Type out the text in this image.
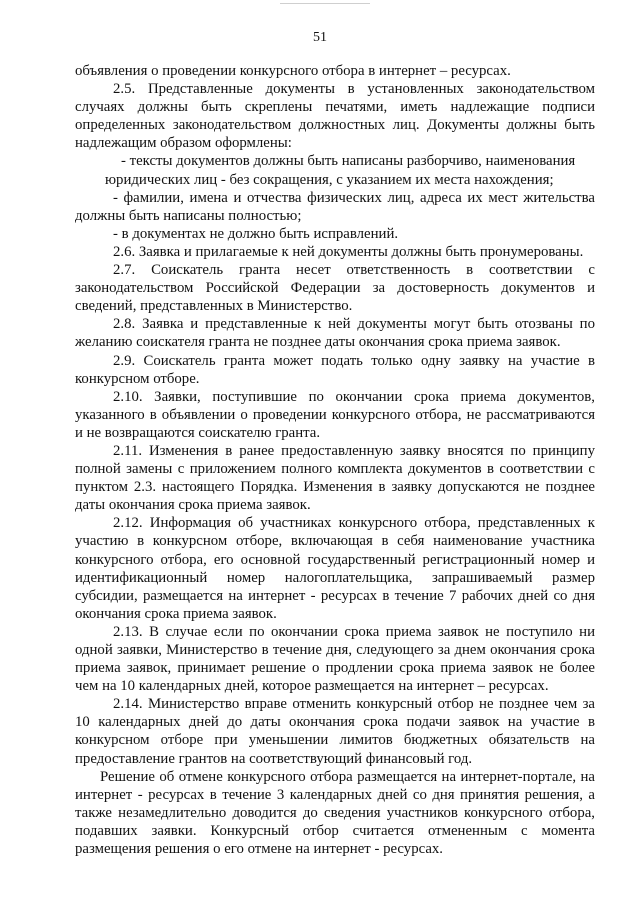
51

объявления о проведении конкурсного отбора в интернет – ресурсах.

2.5. Представленные документы в установленных законодательством случаях должны быть скреплены печатями, иметь надлежащие подписи определенных законодательством должностных лиц. Документы должны быть надлежащим образом оформлены:

- тексты документов должны быть написаны разборчиво, наименования юридических лиц - без сокращения, с указанием их места нахождения;

- фамилии, имена и отчества физических лиц, адреса их мест жительства должны быть написаны полностью;

- в документах не должно быть исправлений.

2.6. Заявка и прилагаемые к ней документы должны быть пронумерованы.

2.7. Соискатель гранта несет ответственность в соответствии с законодательством Российской Федерации за достоверность документов и сведений, представленных в Министерство.

2.8. Заявка и представленные к ней документы могут быть отозваны по желанию соискателя гранта не позднее даты окончания срока приема заявок.

2.9. Соискатель гранта может подать только одну заявку на участие в конкурсном отборе.

2.10. Заявки, поступившие по окончании срока приема документов, указанного в объявлении о проведении конкурсного отбора, не рассматриваются и не возвращаются соискателю гранта.

2.11. Изменения в ранее предоставленную заявку вносятся по принципу полной замены с приложением полного комплекта документов в соответствии с пунктом 2.3. настоящего Порядка. Изменения в заявку допускаются не позднее даты окончания срока приема заявок.

2.12. Информация об участниках конкурсного отбора, представленных к участию в конкурсном отборе, включающая в себя наименование участника конкурсного отбора, его основной государственный регистрационный номер и идентификационный номер налогоплательщика, запрашиваемый размер субсидии, размещается на интернет - ресурсах в течение 7 рабочих дней со дня окончания срока приема заявок.

2.13. В случае если по окончании срока приема заявок не поступило ни одной заявки, Министерство в течение дня, следующего за днем окончания срока приема заявок, принимает решение о продлении срока приема заявок не более чем на 10 календарных дней, которое размещается на интернет – ресурсах.

2.14. Министерство вправе отменить конкурсный отбор не позднее чем за 10 календарных дней до даты окончания срока подачи заявок на участие в конкурсном отборе при уменьшении лимитов бюджетных обязательств на предоставление грантов на соответствующий финансовый год.

Решение об отмене конкурсного отбора размещается на интернет-портале, на интернет - ресурсах в течение 3 календарных дней со дня принятия решения, а также незамедлительно доводится до сведения участников конкурсного отбора, подавших заявки. Конкурсный отбор считается отмененным с момента размещения решения о его отмене на интернет - ресурсах.
